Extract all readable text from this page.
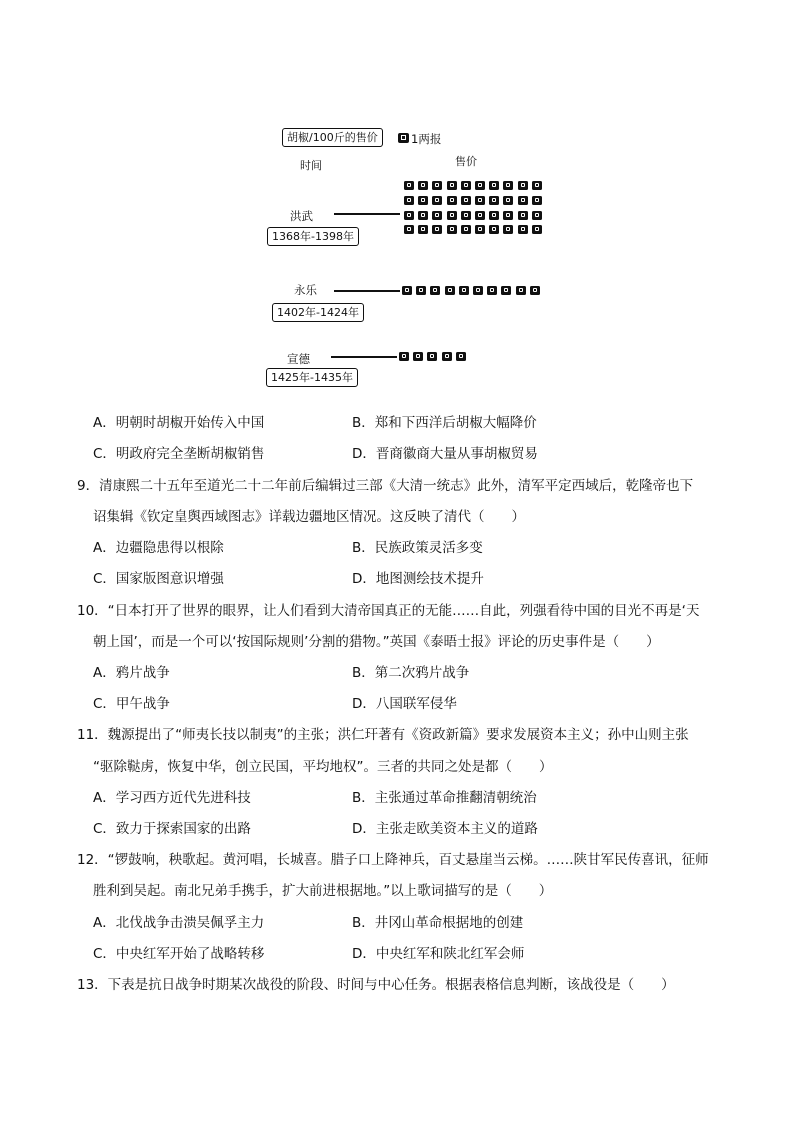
胡椒/100斤的售价	1两报
时间	售价
洪武
1368年-1398年
永乐
1402年-1424年
宣德
1425年-1435年
A．明朝时胡椒开始传入中国	B．郑和下西洋后胡椒大幅降价
C．明政府完全垄断胡椒销售	D．晋商徽商大量从事胡椒贸易
9．清康熙二十五年至道光二十二年前后编辑过三部《大清一统志》此外，清军平定西域后，乾隆帝也下
诏集辑《钦定皇舆西域图志》详载边疆地区情况。这反映了清代（　　）
A．边疆隐患得以根除	B．民族政策灵活多变
C．国家版图意识增强	D．地图测绘技术提升
10．“日本打开了世界的眼界，让人们看到大清帝国真正的无能……自此，列强看待中国的目光不再是‘天
朝上国’，而是一个可以‘按国际规则’分割的猎物。”英国《泰晤士报》评论的历史事件是（　　）
A．鸦片战争	B．第二次鸦片战争
C．甲午战争	D．八国联军侵华
11．魏源提出了“师夷长技以制夷”的主张；洪仁玕著有《资政新篇》要求发展资本主义；孙中山则主张
“驱除鞑虏，恢复中华，创立民国，平均地权”。三者的共同之处是都（　　）
A．学习西方近代先进科技	B．主张通过革命推翻清朝统治
C．致力于探索国家的出路	D．主张走欧美资本主义的道路
12．“锣鼓响，秧歌起。黄河唱，长城喜。腊子口上降神兵，百丈悬崖当云梯。……陕甘军民传喜讯，征师
胜利到吴起。南北兄弟手携手，扩大前进根据地。”以上歌词描写的是（　　）
A．北伐战争击溃吴佩孚主力	B．井冈山革命根据地的创建
C．中央红军开始了战略转移	D．中央红军和陕北红军会师
13．下表是抗日战争时期某次战役的阶段、时间与中心任务。根据表格信息判断，该战役是（　　）
